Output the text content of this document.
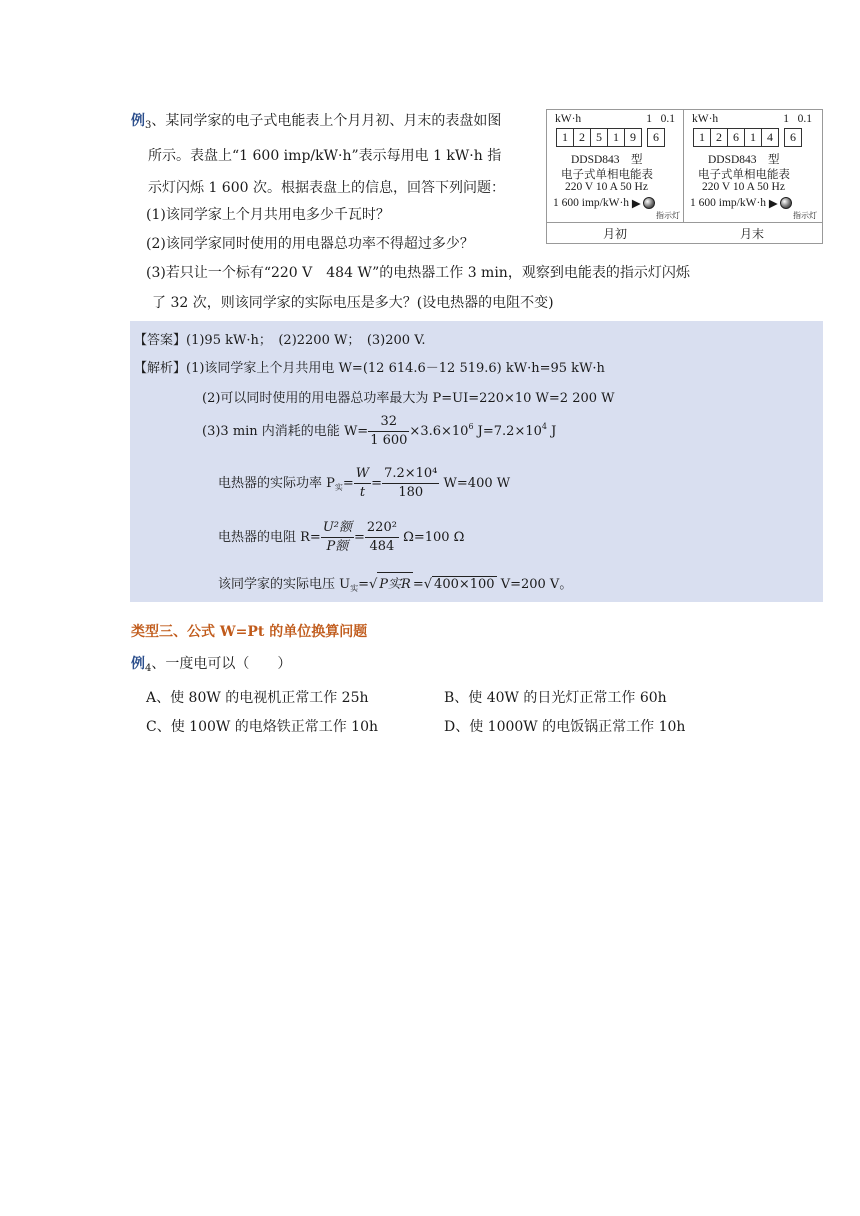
例$_3$、某同学家的电子式电能表上个月月初、月末的表盘如图
所示。表盘上“1 600 imp/kW·h”表示每用电 1 kW·h 指
示灯闪烁 1 600 次。根据表盘上的信息，回答下列问题：
(1)该同学家上个月共用电多少千瓦时？
(2)该同学家同时使用的用电器总功率不得超过多少？
(3)若只让一个标有“220 V　484 W”的电热器工作 3 min，观察到电能表的指示灯闪烁
了 32 次，则该同学家的实际电压是多大？(设电热器的电阻不变)
kW·h	1 0.1
1 2 5 1 9	6
DDSD843　型
电子式单相电能表
220 V 10 A 50 Hz
1 600 imp/kW·h
▶
指示灯
kW·h	1 0.1
1 2 6 1 4	6
DDSD843　型
电子式单相电能表
220 V 10 A 50 Hz
1 600 imp/kW·h
▶
指示灯
月初	月末
【答案】(1)95 kW·h；　(2)2200 W；　(3)200 V.
【解析】(1)该同学家上个月共用电 W=(12 614.6－12 519.6) kW·h=95 kW·h
(2)可以同时使用的用电器总功率最大为 P=UI=220×10 W=2 200 W
(3)3 min 内消耗的电能 $W= \frac{32}{1 600} \times 3.6\times 10^6$ $J=7.2\times 10^4$ J
电热器的实际功率 $P_实= \frac{W}{t} = \frac{\text{7.2×10⁴}}{180} W=400$ W
电热器的电阻 $R= \frac{\text{U²额}}{\text{P额}} = \frac{\text{220²}}{484} \Omega=100$ Ω
该同学家的实际电压 $U_实=√$ P实R =√ 400×100 V=200 V。
类型三、公式 W=Pt 的单位换算问题
例$_4$、一度电可以（　　）
A、使 80W 的电视机正常工作 25h	B、使 40W 的日光灯正常工作 60h
C、使 100W 的电烙铁正常工作 10h	D、使 1000W 的电饭锅正常工作 10h
